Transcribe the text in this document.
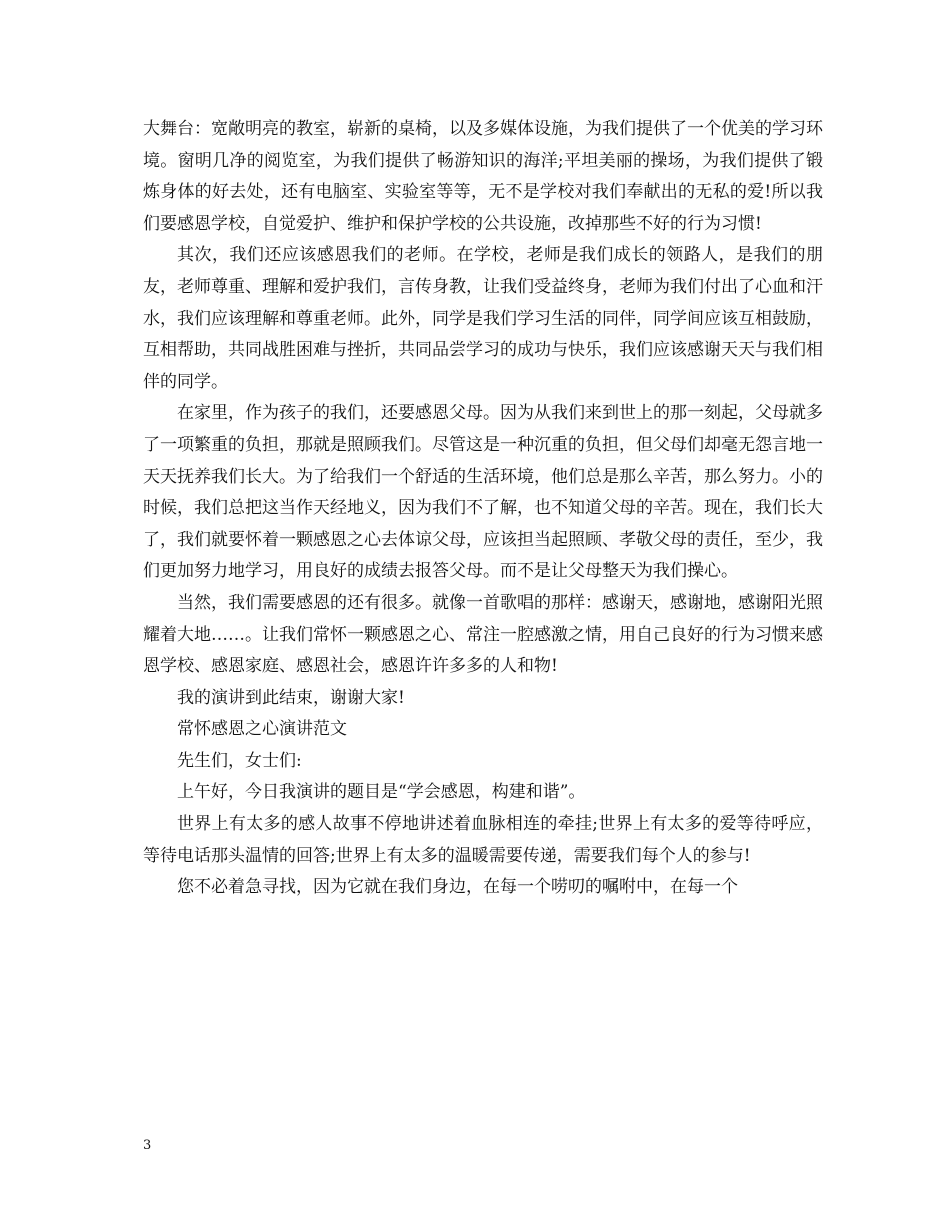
大舞台：宽敞明亮的教室，崭新的桌椅，以及多媒体设施，为我们提供了一个优美的学习环境。窗明几净的阅览室，为我们提供了畅游知识的海洋;平坦美丽的操场，为我们提供了锻炼身体的好去处，还有电脑室、实验室等等，无不是学校对我们奉献出的无私的爱!所以我们要感恩学校，自觉爱护、维护和保护学校的公共设施，改掉那些不好的行为习惯!

其次，我们还应该感恩我们的老师。在学校，老师是我们成长的领路人，是我们的朋友，老师尊重、理解和爱护我们，言传身教，让我们受益终身，老师为我们付出了心血和汗水，我们应该理解和尊重老师。此外，同学是我们学习生活的同伴，同学间应该互相鼓励，互相帮助，共同战胜困难与挫折，共同品尝学习的成功与快乐，我们应该感谢天天与我们相伴的同学。

在家里，作为孩子的我们，还要感恩父母。因为从我们来到世上的那一刻起，父母就多了一项繁重的负担，那就是照顾我们。尽管这是一种沉重的负担，但父母们却毫无怨言地一天天抚养我们长大。为了给我们一个舒适的生活环境，他们总是那么辛苦，那么努力。小的时候，我们总把这当作天经地义，因为我们不了解，也不知道父母的辛苦。现在，我们长大了，我们就要怀着一颗感恩之心去体谅父母，应该担当起照顾、孝敬父母的责任，至少，我们更加努力地学习，用良好的成绩去报答父母。而不是让父母整天为我们操心。

当然，我们需要感恩的还有很多。就像一首歌唱的那样：感谢天，感谢地，感谢阳光照耀着大地……。让我们常怀一颗感恩之心、常注一腔感激之情，用自己良好的行为习惯来感恩学校、感恩家庭、感恩社会，感恩许许多多的人和物!

我的演讲到此结束，谢谢大家!

常怀感恩之心演讲范文

先生们，女士们:

上午好，今日我演讲的题目是“学会感恩，构建和谐”。

世界上有太多的感人故事不停地讲述着血脉相连的牵挂;世界上有太多的爱等待呼应，等待电话那头温情的回答;世界上有太多的温暖需要传递，需要我们每个人的参与!

您不必着急寻找，因为它就在我们身边，在每一个唠叨的嘱咐中，在每一个

3
